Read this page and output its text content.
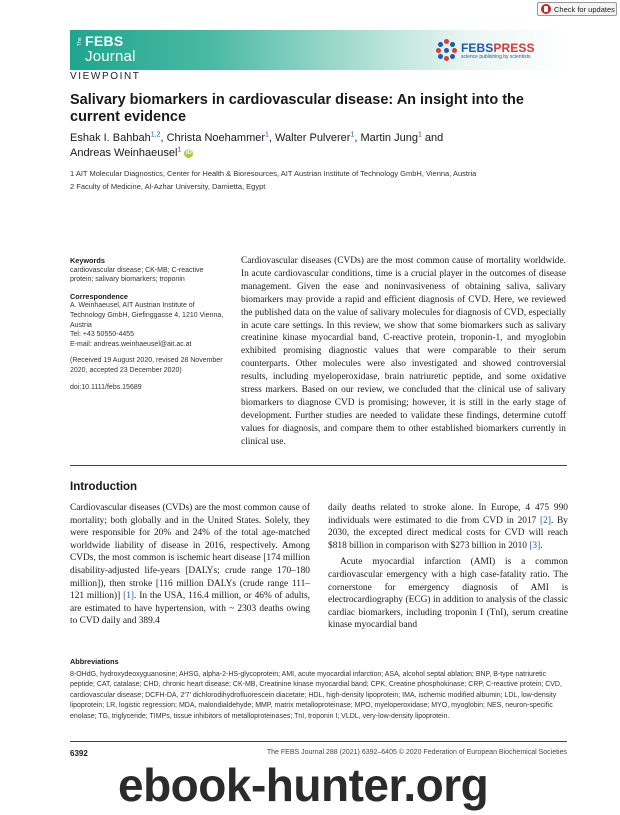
Check for updates
The FEBS
Journal	FEBSPRESS
science publishing by scientists
VIEWPOINT
Salivary biomarkers in cardiovascular disease: An insight into the current evidence
Eshak I. Bahbah$^{1,2}$, Christa Noehammer$^1$, Walter Pulverer$^1$, Martin Jung$^1$ and
Andreas Weinhaeusel$^1$ iD
1 AIT Molecular Diagnostics, Center for Health & Bioresources, AIT Austrian Institute of Technology GmbH, Vienna, Austria
2 Faculty of Medicine, Al-Azhar University, Damietta, Egypt
Keywords
cardiovascular disease; CK-MB; C-reactive protein; salivary biomarkers; troponin
Correspondence
A. Weinhaeusel, AIT Austrian Institute of Technology GmbH, Giefinggasse 4, 1210 Vienna, Austria
Tel: +43 50550-4455
E-mail: andreas.weinhaeusel@ait.ac.at
(Received 19 August 2020, revised 28 November 2020, accepted 23 December 2020)
doi:10.1111/febs.15689

Cardiovascular diseases (CVDs) are the most common cause of mortality worldwide. In acute cardiovascular conditions, time is a crucial player in the outcomes of disease management. Given the ease and noninvasiveness of obtaining saliva, salivary biomarkers may provide a rapid and efficient diagnosis of CVD. Here, we reviewed the published data on the value of salivary molecules for diagnosis of CVD, especially in acute care settings. In this review, we show that some biomarkers such as salivary creatinine kinase myocardial band, C-reactive protein, troponin-1, and myoglobin exhibited promising diagnostic values that were comparable to their serum counterparts. Other molecules were also investigated and showed controversial results, including myeloperoxidase, brain natriuretic peptide, and some oxidative stress markers. Based on our review, we concluded that the clinical use of salivary biomarkers to diagnose CVD is promising; however, it is still in the early stage of development. Further studies are needed to validate these findings, determine cutoff values for diagnosis, and compare them to other established biomarkers currently in clinical use.

Introduction

Cardiovascular diseases (CVDs) are the most common cause of mortality; both globally and in the United States. Solely, they were responsible for 20% and 24% of the total age-matched worldwide liability of disease in 2016, respectively. Among CVDs, the most common is ischemic heart disease [174 million disability-adjusted life-years [DALYs; crude range 170–180 million]), then stroke [116 million DALYs (crude range 111–121 million)] [1]. In the USA, 116.4 million, or 46% of adults, are estimated to have hypertension, with ~ 2303 deaths owing to CVD daily and 389.4

daily deaths related to stroke alone. In Europe, 4 475 990 individuals were estimated to die from CVD in 2017 [2]. By 2030, the excepted direct medical costs for CVD will reach $818 billion in comparison with $273 billion in 2010 [3].

Acute myocardial infarction (AMI) is a common cardiovascular emergency with a high case-fatality ratio. The cornerstone for emergency diagnosis of AMI is electrocardiography (ECG) in addition to analysis of the classic cardiac biomarkers, including troponin I (TnI), serum creatine kinase myocardial band

Abbreviations
8-OHdG, hydroxydeoxyguanosine; AHSG, alpha-2-HS-glycoprotein; AMI, acute myocardial infarction; ASA, alcohol septal ablation; BNP, B-type natriuretic peptide; CAT, catalase; CHD, chronic heart disease; CK-MB, Creatinine kinase myocardial band; CPK, Creatine phosphokinase; CRP, C-reactive protein; CVD, cardiovascular disease; DCFH-DA, 2′7′ dichlorodihydrofluorescein diacetate; HDL, high-density lipoprotein; IMA, ischemic modified albumin; LDL, low-density lipoprotein; LR, logistic regression; MDA, malondialdehyde; MMP, matrix metalloproteinase; MPO, myeloperoxidase; MYO, myoglobin; NES, neuron-specific enolase; TG, triglyceride; TIMPs, tissue inhibitors of metalloproteinases; TnI, troponin I; VLDL, very-low-density lipoprotein.
6392	The FEBS Journal 288 (2021) 6392–6405 © 2020 Federation of European Biochemical Societies
ebook-hunter.org
